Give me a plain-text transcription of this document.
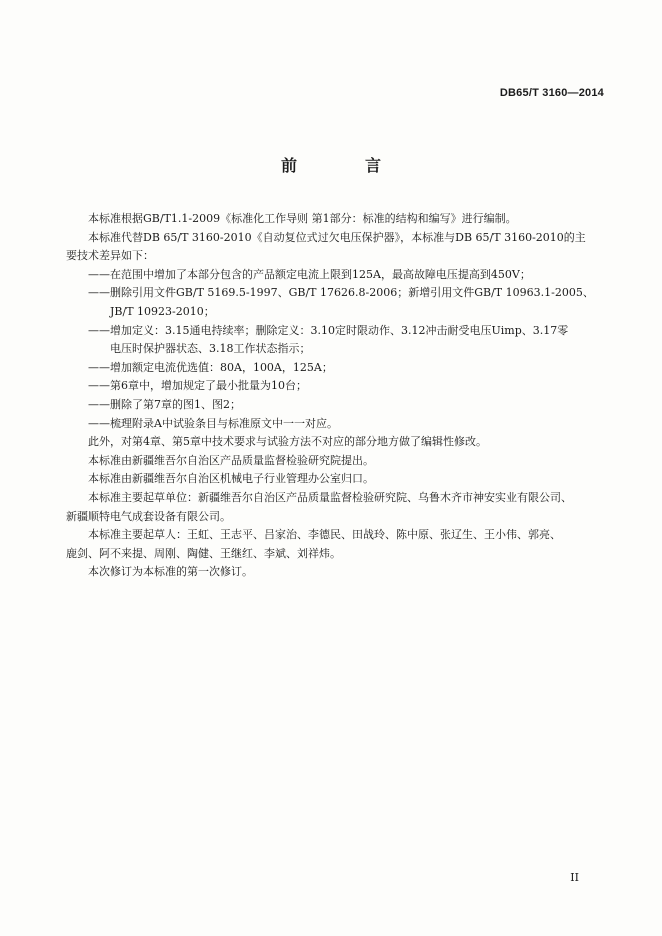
DB65/T 3160—2014
前　言

本标准根据GB/T1.1-2009《标准化工作导则 第1部分：标准的结构和编写》进行编制。

本标准代替DB 65/T 3160-2010《自动复位式过欠电压保护器》，本标准与DB 65/T 3160-2010的主

要技术差异如下：

——在范围中增加了本部分包含的产品额定电流上限到125A，最高故障电压提高到450V；

——删除引用文件GB/T 5169.5-1997、GB/T 17626.8-2006；新增引用文件GB/T 10963.1-2005、
JB/T 10923-2010；

——增加定义：3.15通电持续率；删除定义：3.10定时限动作、3.12冲击耐受电压Uimp、3.17零
电压时保护器状态、3.18工作状态指示；

——增加额定电流优选值：80A，100A，125A；

——第6章中，增加规定了最小批量为10台；

——删除了第7章的图1、图2；

——梳理附录A中试验条目与标准原文中一一对应。

此外，对第4章、第5章中技术要求与试验方法不对应的部分地方做了编辑性修改。

本标准由新疆维吾尔自治区产品质量监督检验研究院提出。

本标准由新疆维吾尔自治区机械电子行业管理办公室归口。

本标准主要起草单位：新疆维吾尔自治区产品质量监督检验研究院、乌鲁木齐市神安实业有限公司、

新疆顺特电气成套设备有限公司。

本标准主要起草人：王虹、王志平、吕家治、李德民、田战玲、陈中原、张辽生、王小伟、郭亮、

鹿剑、阿不来提、周刚、陶健、王继红、李斌、刘祥炜。

本次修订为本标准的第一次修订。

II
